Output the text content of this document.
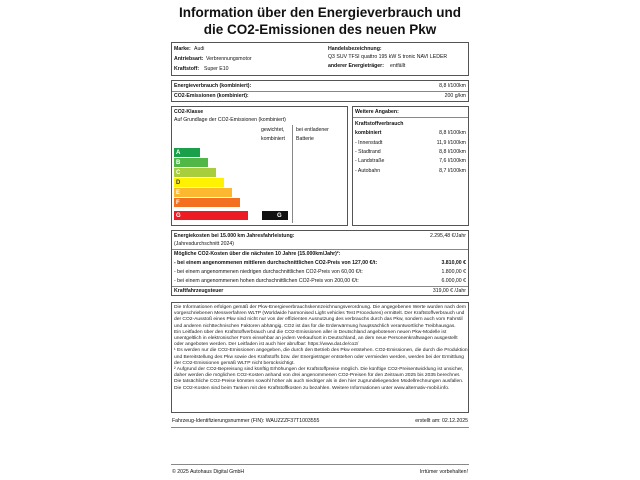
Information über den Energieverbrauch und
die CO2-Emissionen des neuen Pkw
Marke: Audi
Antriebsart: Verbrennungsmotor
Kraftstoff: Super E10
Handelsbezeichnung:
Q3 SUV TFSI quattro 195 kW S tronic NAVI LEDER
anderer Energieträger: entfällt
Energieverbrauch (kombiniert):	8,8 l/100km
CO2-Emissionen (kombiniert):	200 g/km
CO2-Klasse
Auf Grundlage der CO2-Emissionen (kombiniert)
gewichtet,
kombiniert
bei entladener
Batterie
A
B
C
D
E
F
G	G
Weitere Angaben:
Kraftstoffverbrauch
kombiniert	8,8 l/100km
- Innenstadt	11,9 l/100km
- Stadtrand	8,8 l/100km
- Landstraße	7,6 l/100km
- Autobahn	8,7 l/100km
Energiekosten bei 15.000 km Jahresfahrleistung:	2.295,48 €/Jahr
(Jahresdurchschnitt 2024)
Mögliche CO2-Kosten über die nächsten 10 Jahre (15.000km/Jahr)²:
- bei einem angenommenen mittleren durchschnittlichen CO2-Preis von 127,00 €/t:	3.810,00 €
- bei einem angenommenen niedrigen durchschnittlichen CO2-Preis von 60,00 €/t:	1.800,00 €
- bei einem angenommenen hohen durchschnittlichen CO2-Preis von 200,00 €/t:	6.000,00 €
Kraftfahrzeugsteuer	319,00 € /Jahr

Die Informationen erfolgen gemäß der Pkw-Energieverbrauchskennzeichnungsverordnung. Die angegebenen Werte wurden nach dem vorgeschriebenen Messverfahren WLTP (Worldwide harmonised Light vehicles Test Procedures) ermittelt. Der Kraftstoffverbrauch und der CO2-Ausstoß eines Pkw sind nicht nur von der effizienten Ausnutzung des verbrauchs durch das Pkw, sondern auch vom Fahrstil und anderen nichttechnischen Faktoren abhängig. CO2 ist das für die Erderwärmung hauptsächlich verantwortliche Treibhausgas.

Ein Leitfaden über den Kraftstoffverbrauch und die CO2-Emissionen aller in Deutschland angebotenen neuen Pkw-Modelle ist unentgeltlich in elektronischer Form einsehbar an jedem Verkaufsort in Deutschland, an dem neue Personenkraftwagen ausgestellt oder angeboten werden. Der Leitfaden ist auch hier abrufbar: https://www.dat.de/co2/

¹ Es werden nur die CO2-Emissionen angegeben, die durch den Betrieb des Pkw entstehen. CO2-Emissionen, die durch die Produktion und Bereitstellung des Pkw sowie des Kraftstoffs bzw. der Energieträger entstehen oder vermieden werden, werden bei der Ermittlung der CO2-Emissionen gemäß WLTP nicht berücksichtigt.

² Aufgrund der CO2-Bepreisung sind künftig Erhöhungen der Kraftstoffpreise möglich. Die künftige CO2-Preisentwicklung ist unsicher, daher werden die möglichen CO2-Kosten anhand von drei angenommenen CO2-Preisen für den Zeitraum 2025 bis 2035 berechnet. Die tatsächliche CO2-Preise könnten sowohl höher als auch niedriger als in den hier zugrundeliegenden Modellrechnungen ausfallen. Die CO2-Kosten sind beim Tanken mit den Kraftstoffkosten zu bezahlen. Weitere Informationen unter www.alternativ-mobil.info.

Fahrzeug-Identifizierungsnummer (FIN): WAUZZZF37T1003555	erstellt am: 02.12.2025
© 2025 Autohaus Digital GmbH	Irrtümer vorbehalten!
